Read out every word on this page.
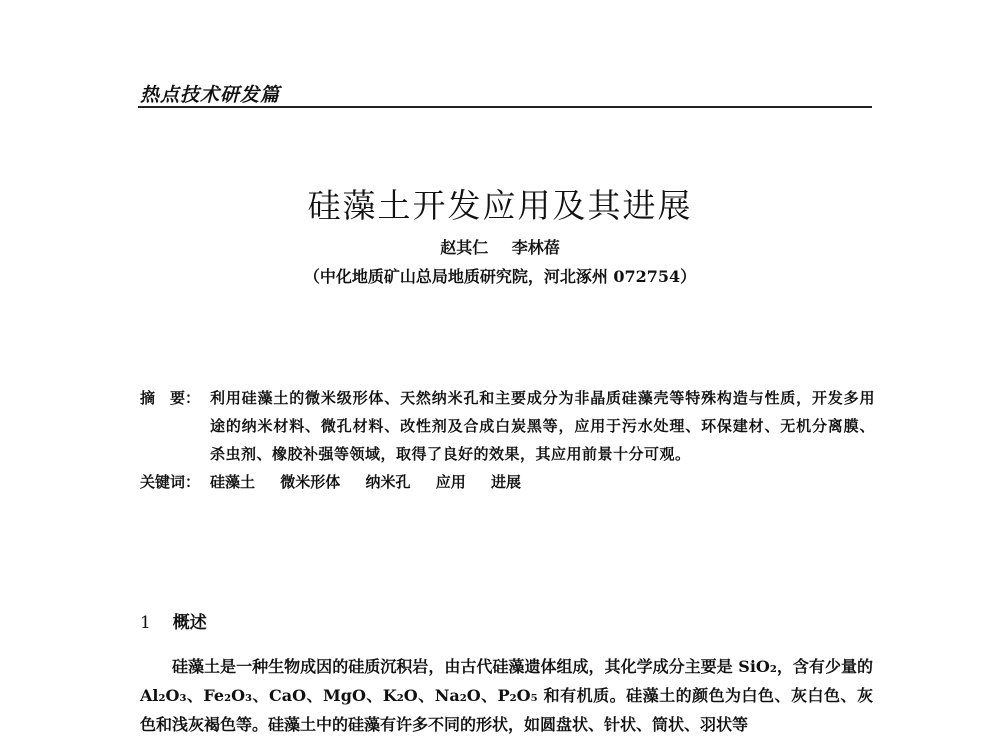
热点技术研发篇
硅藻土开发应用及其进展
赵其仁 李林蓓
（中化地质矿山总局地质研究院，河北涿州 072754）
摘　要： 利用硅藻土的微米级形体、天然纳米孔和主要成分为非晶质硅藻壳等特殊构造与性质，开发多用途的纳米材料、微孔材料、改性剂及合成白炭黑等，应用于污水处理、环保建材、无机分离膜、杀虫剂、橡胶补强等领域，取得了良好的效果，其应用前景十分可观。
关键词： 硅藻土 微米形体 纳米孔 应用 进展
1 概述
硅藻土是一种生物成因的硅质沉积岩，由古代硅藻遗体组成，其化学成分主要是 SiO₂，含有少量的 Al₂O₃、Fe₂O₃、CaO、MgO、K₂O、Na₂O、P₂O₅ 和有机质。硅藻土的颜色为白色、灰白色、灰色和浅灰褐色等。硅藻土中的硅藻有许多不同的形状，如圆盘状、针状、筒状、羽状等
